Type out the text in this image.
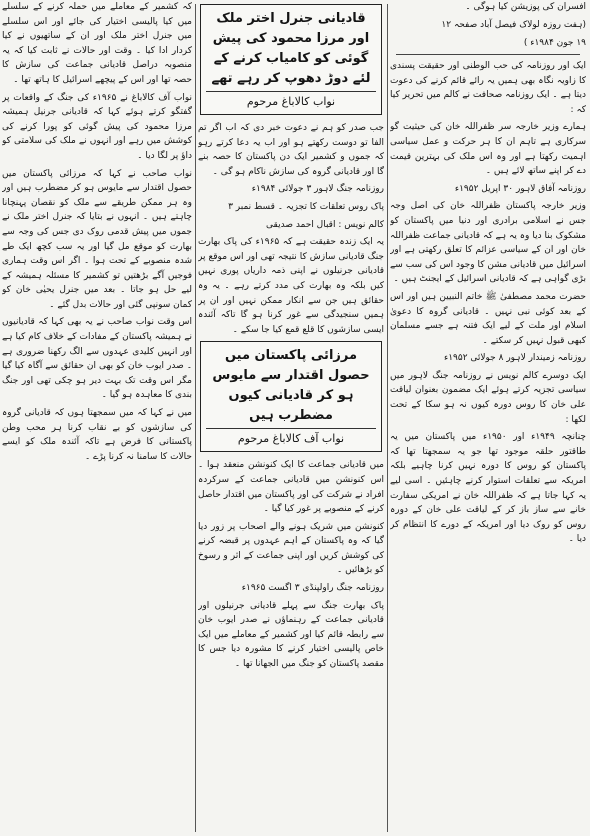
افسران کی پوزیشن کیا ہوگی ۔
(ہفت روزہ لولاک فیصل آباد صفحہ ۱۲
۱۹ جون ۱۹۸۴ء )

ایک اور روزنامہ کی حب الوطنی اور حقیقت پسندی کا زاویہ نگاہ بھی ہمیں یہ رائے قائم کرنے کی دعوت دیتا ہے ۔ ایک روزنامہ صحافت نے کالم میں تحریر کیا کہ :

ہمارے وزیر خارجہ سر ظفراللہ خان کی حیثیت گو سرکاری ہے تاہم ان کا ہر حرکت و عمل سیاسی اہمیت رکھتا ہے اور وہ اس ملک کی بہترین قیمت دے کر اپنے ساتھ لائے ہیں ۔

روزنامہ آفاق لاہور ۳۰ اپریل ۱۹۵۲ء

وزیر خارجہ پاکستان ظفراللہ خان کی اصل وجہ جس نے اسلامی برادری اور دنیا میں پاکستان کو مشکوک بنا دیا وہ یہ ہے کہ قادیانی جماعت ظفراللہ خان اور ان کے سیاسی عزائم کا تعلق رکھتی ہے اور اسرائیل میں قادیانی مشن کا وجود اس کی سب سے بڑی گواہی ہے کہ قادیانی اسرائیل کے ایجنٹ ہیں ۔

حضرت محمد مصطفیٰ ﷺ خاتم النبیین ہیں اور اس کے بعد کوئی نبی نہیں ۔ قادیانی گروہ کا دعویٰ اسلام اور ملت کے لیے ایک فتنہ ہے جسے مسلمان کبھی قبول نہیں کر سکتے ۔

روزنامہ زمیندار لاہور ۸ جولائی ۱۹۵۲ء

ایک دوسرے کالم نویس نے روزنامہ جنگ لاہور میں سیاسی تجزیہ کرتے ہوئے ایک مضمون بعنوان لیاقت علی خان کا روس دورہ کیوں نہ ہو سکا کے تحت لکھا :

چنانچہ ۱۹۴۹ء اور ۱۹۵۰ء میں پاکستان میں یہ طاقتور حلقہ موجود تھا جو یہ سمجھتا تھا کہ پاکستان کو روس کا دورہ نہیں کرنا چاہیے بلکہ امریکہ سے تعلقات استوار کرنے چاہئیں ۔ اسی لیے یہ کہا جاتا ہے کہ ظفراللہ خان نے امریکی سفارت خانے سے ساز باز کر کے لیاقت علی خان کے دورہ روس کو روک دیا اور امریکہ کے دورے کا انتظام کر دیا ۔

قادیانی جنرل اختر ملک اور مرزا محمود کی پیش گوئی کو کامیاب کرنے کے لئے دوڑ دھوپ کر رہے تھے
نواب کالاباغ مرحوم

جب صدر کو ہم نے دعوت خبر دی کہ اب اگر تم الفا تو دوست رکھتے ہو اور اب یہ دعا کرتے رہو کہ جموں و کشمیر ایک دن پاکستان کا حصہ بنے گا اور قادیانی گروہ کی سازش ناکام ہو گی ۔

روزنامہ جنگ لاہور ۳ جولائی ۱۹۸۴ء

پاک روس تعلقات کا تجزیہ ۔ قسط نمبر ۳

کالم نویس : اقبال احمد صدیقی

یہ ایک زندہ حقیقت ہے کہ ۱۹۶۵ء کی پاک بھارت جنگ قادیانی سازش کا نتیجہ تھی اور اس موقع پر قادیانی جرنیلوں نے اپنی ذمہ داریاں پوری نہیں کیں بلکہ وہ بھارت کی مدد کرتے رہے ۔ یہ وہ حقائق ہیں جن سے انکار ممکن نہیں اور ان پر ہمیں سنجیدگی سے غور کرنا ہو گا تاکہ آئندہ ایسی سازشوں کا قلع قمع کیا جا سکے ۔

مرزائی پاکستان میں حصول اقتدار سے مایوس ہو کر قادیانی کیوں مضطرب ہیں
نواب آف کالاباغ مرحوم

میں قادیانی جماعت کا ایک کنونشن منعقد ہوا ۔ اس کنونشن میں قادیانی جماعت کے سرکردہ افراد نے شرکت کی اور پاکستان میں اقتدار حاصل کرنے کے منصوبے پر غور کیا گیا ۔

کنونشن میں شریک ہونے والے اصحاب پر زور دیا گیا کہ وہ پاکستان کے اہم عہدوں پر قبضہ کرنے کی کوشش کریں اور اپنی جماعت کے اثر و رسوخ کو بڑھائیں ۔

روزنامہ جنگ راولپنڈی ۳ اگست ۱۹۶۵ء

پاک بھارت جنگ سے پہلے قادیانی جرنیلوں اور قادیانی جماعت کے رہنماؤں نے صدر ایوب خان سے رابطہ قائم کیا اور کشمیر کے معاملے میں ایک خاص پالیسی اختیار کرنے کا مشورہ دیا جس کا مقصد پاکستان کو جنگ میں الجھانا تھا ۔

کہ کشمیر کے معاملے میں حملہ کرنے کے سلسلے میں کیا پالیسی اختیار کی جائے اور اس سلسلے میں جنرل اختر ملک اور ان کے ساتھیوں نے کیا کردار ادا کیا ۔ وقت اور حالات نے ثابت کیا کہ یہ منصوبہ دراصل قادیانی جماعت کی سازش کا حصہ تھا اور اس کے پیچھے اسرائیل کا ہاتھ تھا ۔

نواب آف کالاباغ نے ۱۹۶۵ء کی جنگ کے واقعات پر گفتگو کرتے ہوئے کہا کہ قادیانی جرنیل ہمیشہ مرزا محمود کی پیش گوئی کو پورا کرنے کی کوشش میں رہے اور انہوں نے ملک کی سلامتی کو داؤ پر لگا دیا ۔

نواب صاحب نے کہا کہ مرزائی پاکستان میں حصول اقتدار سے مایوس ہو کر مضطرب ہیں اور وہ ہر ممکن طریقے سے ملک کو نقصان پہنچانا چاہتے ہیں ۔ انہوں نے بتایا کہ جنرل اختر ملک نے جموں میں پیش قدمی روک دی جس کی وجہ سے بھارت کو موقع مل گیا اور یہ سب کچھ ایک طے شدہ منصوبے کے تحت ہوا ۔ اگر اس وقت ہماری فوجیں آگے بڑھتیں تو کشمیر کا مسئلہ ہمیشہ کے لیے حل ہو جاتا ۔ بعد میں جنرل یحیٰی خان کو کمان سونپی گئی اور حالات بدل گئے ۔

اس وقت نواب صاحب نے یہ بھی کہا کہ قادیانیوں نے ہمیشہ پاکستان کے مفادات کے خلاف کام کیا ہے اور انہیں کلیدی عہدوں سے الگ رکھنا ضروری ہے ۔ صدر ایوب خان کو بھی ان حقائق سے آگاہ کیا گیا مگر اس وقت تک بہت دیر ہو چکی تھی اور جنگ بندی کا معاہدہ ہو گیا ۔

میں نے کہا کہ میں سمجھتا ہوں کہ قادیانی گروہ کی سازشوں کو بے نقاب کرنا ہر محب وطن پاکستانی کا فرض ہے تاکہ آئندہ ملک کو ایسے حالات کا سامنا نہ کرنا پڑے ۔
